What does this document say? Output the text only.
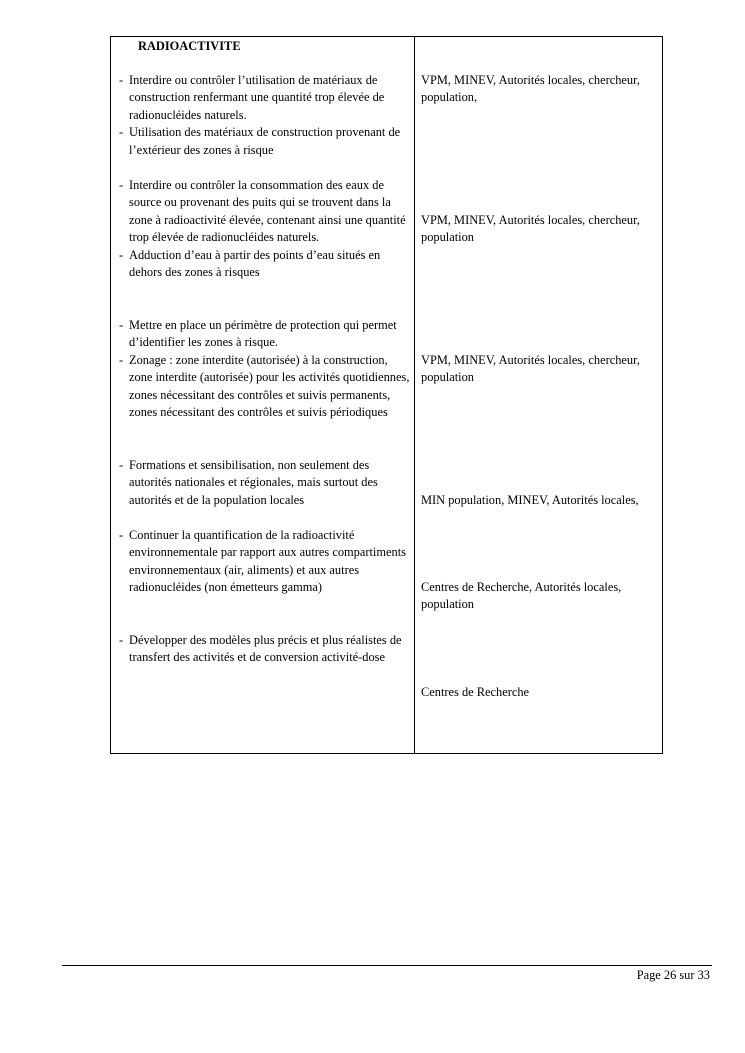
RADIOACTIVITE
- Interdire ou contrôler l’utilisation de matériaux de construction renfermant une quantité trop élevée de radionucléides naturels.
- Utilisation des matériaux de construction provenant de l’extérieur des zones à risque
VPM, MINEV, Autorités locales, chercheur, population,
- Interdire ou contrôler la consommation des eaux de source ou provenant des puits qui se trouvent dans la zone à radioactivité élevée, contenant ainsi une quantité trop élevée de radionucléides naturels.
- Adduction d’eau à partir des points d’eau situés en dehors des zones à risques
VPM, MINEV, Autorités locales, chercheur, population
- Mettre en place un périmètre de protection qui permet d’identifier les zones à risque.
- Zonage : zone interdite (autorisée) à la construction, zone interdite (autorisée) pour les activités quotidiennes, zones nécessitant des contrôles et suivis permanents, zones nécessitant des contrôles et suivis périodiques
VPM, MINEV, Autorités locales, chercheur, population
- Formations et sensibilisation, non seulement des autorités nationales et régionales, mais surtout des autorités et de la population locales	MIN population, MINEV, Autorités locales,
- Continuer la quantification de la radioactivité environnementale par rapport aux autres compartiments environnementaux (air, aliments) et aux autres radionucléides (non émetteurs gamma)	Centres de Recherche, Autorités locales, population
- Développer des modèles plus précis et plus réalistes de transfert des activités et de conversion activité-dose
Centres de Recherche
Page 26 sur 33
